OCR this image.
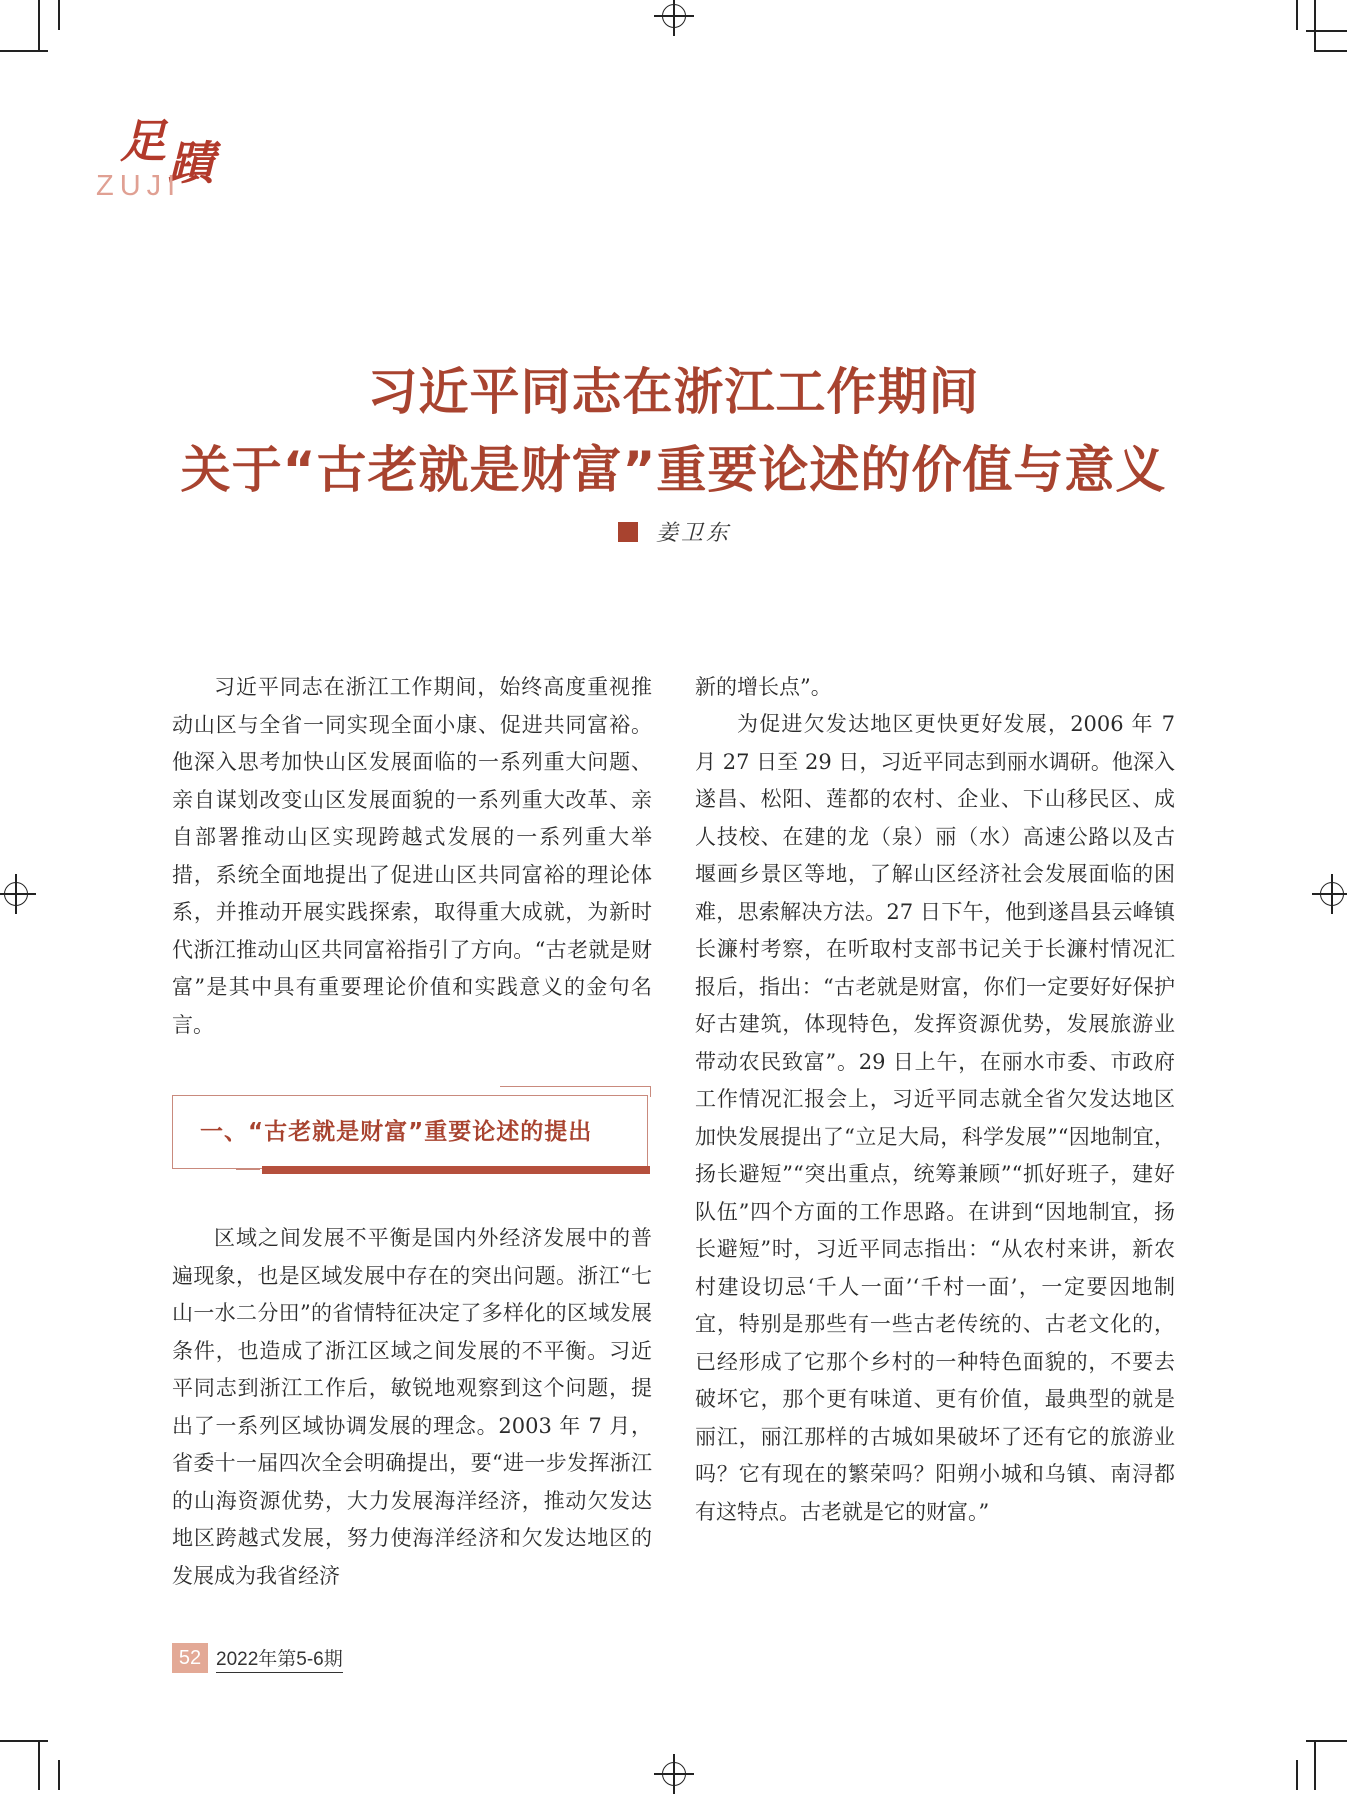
足蹟
ZUJI
习近平同志在浙江工作期间
关于“古老就是财富”重要论述的价值与意义
姜卫东

习近平同志在浙江工作期间，始终高度重视推动山区与全省一同实现全面小康、促进共同富裕。他深入思考加快山区发展面临的一系列重大问题、亲自谋划改变山区发展面貌的一系列重大改革、亲自部署推动山区实现跨越式发展的一系列重大举措，系统全面地提出了促进山区共同富裕的理论体系，并推动开展实践探索，取得重大成就，为新时代浙江推动山区共同富裕指引了方向。“古老就是财富”是其中具有重要理论价值和实践意义的金句名言。

一、“古老就是财富”重要论述的提出

区域之间发展不平衡是国内外经济发展中的普遍现象，也是区域发展中存在的突出问题。浙江“七山一水二分田”的省情特征决定了多样化的区域发展条件，也造成了浙江区域之间发展的不平衡。习近平同志到浙江工作后，敏锐地观察到这个问题，提出了一系列区域协调发展的理念。2003 年 7 月，省委十一届四次全会明确提出，要“进一步发挥浙江的山海资源优势，大力发展海洋经济，推动欠发达地区跨越式发展，努力使海洋经济和欠发达地区的发展成为我省经济

新的增长点”。

为促进欠发达地区更快更好发展，2006 年 7 月 27 日至 29 日，习近平同志到丽水调研。他深入遂昌、松阳、莲都的农村、企业、下山移民区、成人技校、在建的龙（泉）丽（水）高速公路以及古堰画乡景区等地，了解山区经济社会发展面临的困难，思索解决方法。27 日下午，他到遂昌县云峰镇长濂村考察，在听取村支部书记关于长濂村情况汇报后，指出：“古老就是财富，你们一定要好好保护好古建筑，体现特色，发挥资源优势，发展旅游业带动农民致富”。29 日上午，在丽水市委、市政府工作情况汇报会上，习近平同志就全省欠发达地区加快发展提出了“立足大局，科学发展”“因地制宜，扬长避短”“突出重点，统筹兼顾”“抓好班子，建好队伍”四个方面的工作思路。在讲到“因地制宜，扬长避短”时，习近平同志指出：“从农村来讲，新农村建设切忌‘千人一面’‘千村一面’，一定要因地制宜，特别是那些有一些古老传统的、古老文化的，已经形成了它那个乡村的一种特色面貌的，不要去破坏它，那个更有味道、更有价值，最典型的就是丽江，丽江那样的古城如果破坏了还有它的旅游业吗？它有现在的繁荣吗？阳朔小城和乌镇、南浔都有这特点。古老就是它的财富。”

52 2022年第5-6期
